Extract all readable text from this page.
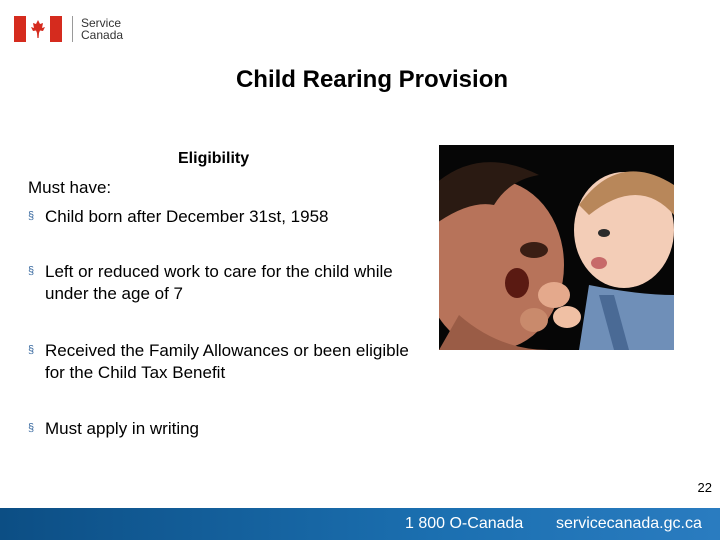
Service
Canada
Child Rearing Provision
Eligibility
Must have:
§ Child born after December 31st, 1958
§ Left or reduced work to care for the child while under the age of 7
§ Received the Family Allowances or been eligible for the Child Tax Benefit
§ Must apply in writing
22
1 800 O-Canada servicecanada.gc.ca
